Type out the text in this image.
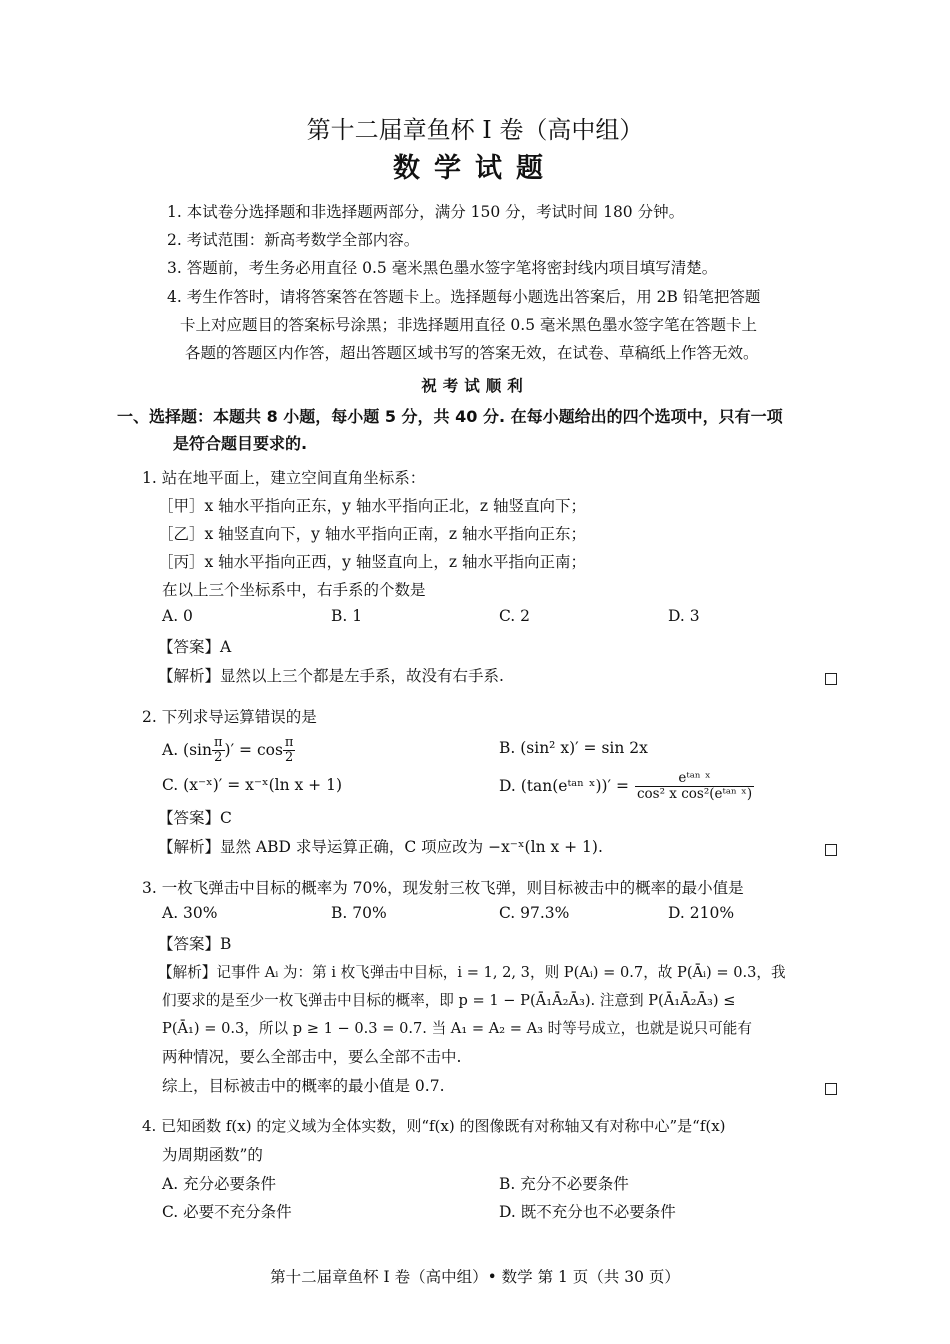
第十二届章鱼杯 I 卷（高中组）
数学试题
1. 本试卷分选择题和非选择题两部分，满分 150 分，考试时间 180 分钟。
2. 考试范围：新高考数学全部内容。
3. 答题前，考生务必用直径 0.5 毫米黑色墨水签字笔将密封线内项目填写清楚。
4. 考生作答时，请将答案答在答题卡上。选择题每小题选出答案后，用 2B 铅笔把答题
卡上对应题目的答案标号涂黑；非选择题用直径 0.5 毫米黑色墨水签字笔在答题卡上
各题的答题区内作答，超出答题区域书写的答案无效，在试卷、草稿纸上作答无效。
祝考试顺利
一、选择题：本题共 8 小题，每小题 5 分，共 40 分. 在每小题给出的四个选项中，只有一项
是符合题目要求的.
1. 站在地平面上，建立空间直角坐标系：
［甲］x 轴水平指向正东，y 轴水平指向正北，z 轴竖直向下；
［乙］x 轴竖直向下，y 轴水平指向正南，z 轴水平指向正东；
［丙］x 轴水平指向正西，y 轴竖直向上，z 轴水平指向正南；
在以上三个坐标系中，右手系的个数是
A. 0	B. 1	C. 2	D. 3
【答案】A
【解析】显然以上三个都是左手系，故没有右手系.
2. 下列求导运算错误的是
A. ($\sin \frac{\pi}{2}$ )′ = $\cos \frac{\pi}{2}$	B. (sin² x)′ = sin 2x
C. (x⁻ˣ)′ = x⁻ˣ(ln x + 1)	D. (tan(eᵗᵃⁿ ˣ))′ = $\frac{\text{eᵗᵃⁿ ˣ}}{\text{cos² x cos²(eᵗᵃⁿ ˣ)}}$
【答案】C
【解析】显然 ABD 求导运算正确，C 项应改为 −x⁻ˣ(ln x + 1).
3. 一枚飞弹击中目标的概率为 70%，现发射三枚飞弹，则目标被击中的概率的最小值是
A. 30%	B. 70%	C. 97.3%	D. 210%
【答案】B
【解析】记事件 Aᵢ 为：第 i 枚飞弹击中目标，i = 1, 2, 3，则 P(Aᵢ) = 0.7，故 P(Āᵢ) = 0.3，我
们要求的是至少一枚飞弹击中目标的概率，即 p = 1 − P(Ā₁Ā₂Ā₃). 注意到 P(Ā₁Ā₂Ā₃) ≤
P(Ā₁) = 0.3，所以 p ≥ 1 − 0.3 = 0.7. 当 A₁ = A₂ = A₃ 时等号成立，也就是说只可能有
两种情况，要么全部击中，要么全部不击中.
综上，目标被击中的概率的最小值是 0.7.
4. 已知函数 f(x) 的定义域为全体实数，则“f(x) 的图像既有对称轴又有对称中心”是“f(x)
为周期函数”的
A. 充分必要条件	B. 充分不必要条件
C. 必要不充分条件	D. 既不充分也不必要条件
第十二届章鱼杯 I 卷（高中组）• 数学 第 1 页（共 30 页）
